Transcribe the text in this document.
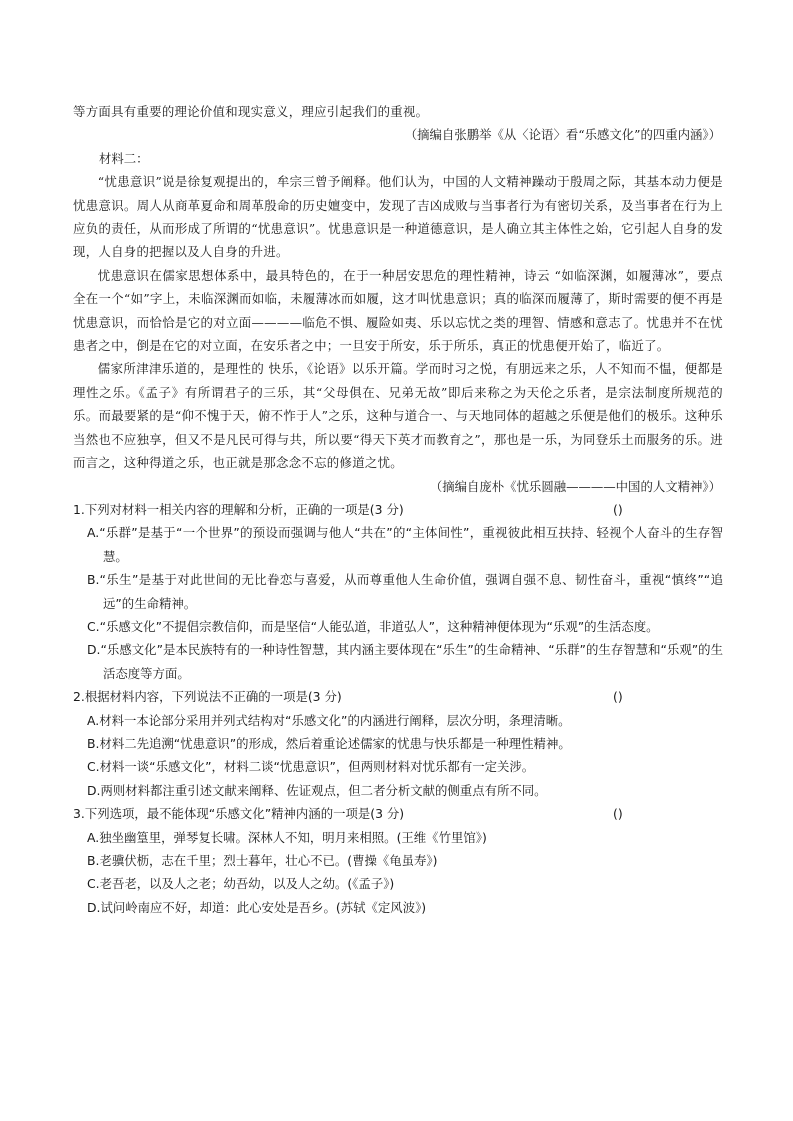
等方面具有重要的理论价值和现实意义，理应引起我们的重视。

（摘编自张鹏举《从〈论语〉看“乐感文化”的四重内涵》）

材料二：

“忧患意识”说是徐复观提出的，牟宗三曾予阐释。他们认为，中国的人文精神躁动于殷周之际，其基本动力便是忧患意识。周人从商革夏命和周革殷命的历史嬗变中，发现了吉凶成败与当事者行为有密切关系，及当事者在行为上应负的责任，从而形成了所谓的“忧患意识”。忧患意识是一种道德意识，是人确立其主体性之始，它引起人自身的发现，人自身的把握以及人自身的升进。

忧患意识在儒家思想体系中，最具特色的，在于一种居安思危的理性精神，诗云 “如临深渊，如履薄冰”，要点全在一个“如”字上，未临深渊而如临，未履薄冰而如履，这才叫忧患意识；真的临深而履薄了，斯时需要的便不再是忧患意识，而恰恰是它的对立面————临危不惧、履险如夷、乐以忘忧之类的理智、情感和意志了。忧患并不在忧患者之中，倒是在它的对立面，在安乐者之中；一旦安于所安，乐于所乐，真正的忧患便开始了，临近了。

儒家所津津乐道的，是理性的 快乐，《论语》以乐开篇。学而时习之悦，有朋远来之乐，人不知而不愠，便都是理性之乐。《孟子》有所谓君子的三乐，其“父母俱在、兄弟无故”即后来称之为天伦之乐者，是宗法制度所规范的乐。而最要紧的是“仰不愧于天，俯不怍于人”之乐，这种与道合一、与天地同体的超越之乐便是他们的极乐。这种乐当然也不应独享，但又不是凡民可得与共，所以要“得天下英才而教育之”，那也是一乐，为同登乐土而服务的乐。进而言之，这种得道之乐，也正就是那念念不忘的修道之忧。

（摘编自庞朴《忧乐圆融————中国的人文精神》）

1.下列对材料一相关内容的理解和分析，正确的一项是(3 分)	()

A.“乐群”是基于“一个世界”的预设而强调与他人“共在”的“主体间性”，重视彼此相互扶持、轻视个人奋斗的生存智慧。

B.“乐生”是基于对此世间的无比眷恋与喜爱，从而尊重他人生命价值，强调自强不息、韧性奋斗，重视“慎终”“追远”的生命精神。

C.“乐感文化”不提倡宗教信仰，而是坚信“人能弘道，非道弘人”，这种精神便体现为“乐观”的生活态度。

D.“乐感文化”是本民族特有的一种诗性智慧，其内涵主要体现在“乐生”的生命精神、“乐群”的生存智慧和“乐观”的生活态度等方面。

2.根据材料内容，下列说法不正确的一项是(3 分)	()

A.材料一本论部分采用并列式结构对“乐感文化”的内涵进行阐释，层次分明，条理清晰。

B.材料二先追溯“忧患意识”的形成，然后着重论述儒家的忧患与快乐都是一种理性精神。

C.材料一谈“乐感文化”，材料二谈“忧患意识”，但两则材料对忧乐都有一定关涉。

D.两则材料都注重引述文献来阐释、佐证观点，但二者分析文献的侧重点有所不同。

3.下列选项，最不能体现“乐感文化”精神内涵的一项是(3 分)	()

A.独坐幽篁里，弹琴复长啸。深林人不知，明月来相照。(王维《竹里馆》)

B.老骥伏枥，志在千里；烈士暮年，壮心不已。(曹操《龟虽寿》)

C.老吾老，以及人之老；幼吾幼，以及人之幼。(《孟子》)

D.试问岭南应不好，却道：此心安处是吾乡。(苏轼《定风波》)
